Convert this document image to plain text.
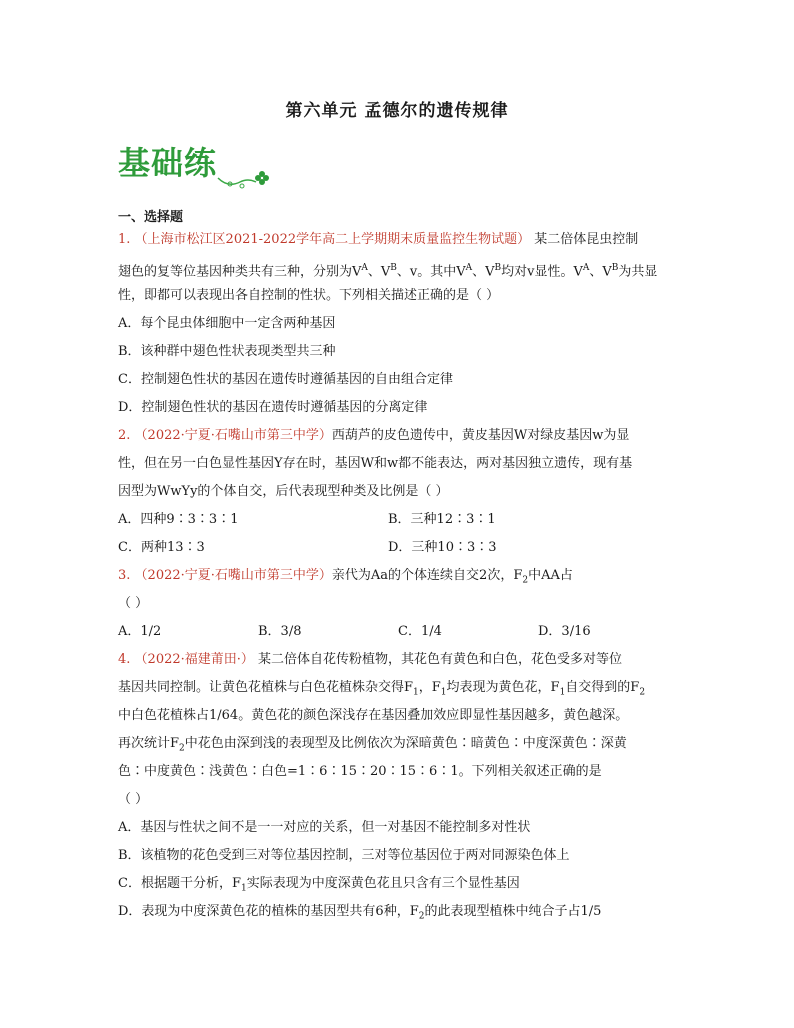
第六单元 孟德尔的遗传规律
基础练
一、选择题
1. （上海市松江区2021-2022学年高二上学期期末质量监控生物试题） 某二倍体昆虫控制
翅色的复等位基因种类共有三种，分别为$V^A$、$V^B$、v。其中$V^A$、$V^B$均对v显性。$V^A$、$V^B$为共显
性，即都可以表现出各自控制的性状。下列相关描述正确的是（ ）
A．每个昆虫体细胞中一定含两种基因
B．该种群中翅色性状表现类型共三种
C．控制翅色性状的基因在遗传时遵循基因的自由组合定律
D．控制翅色性状的基因在遗传时遵循基因的分离定律
2. （2022·宁夏·石嘴山市第三中学）西葫芦的皮色遗传中，黄皮基因W对绿皮基因w为显
性，但在另一白色显性基因Y存在时，基因W和w都不能表达，两对基因独立遗传，现有基
因型为WwYy的个体自交，后代表现型种类及比例是（ ）
A．四种9∶3∶3∶1	B．三种12∶3∶1
C．两种13∶3	D．三种10∶3∶3
3. （2022·宁夏·石嘴山市第三中学）亲代为Aa的个体连续自交2次，$F_2$中AA占
（ ）
A．1/2	B．3/8	C．1/4	D．3/16
4. （2022·福建莆田·） 某二倍体自花传粉植物，其花色有黄色和白色，花色受多对等位
基因共同控制。让黄色花植株与白色花植株杂交得$F_1$，$F_1$均表现为黄色花，$F_1$自交得到的$F_2$
中白色花植株占1/64。黄色花的颜色深浅存在基因叠加效应即显性基因越多，黄色越深。
再次统计$F_2$中花色由深到浅的表现型及比例依次为深暗黄色∶暗黄色∶中度深黄色∶深黄
色∶中度黄色∶浅黄色∶白色=1∶6∶15∶20∶15∶6∶1。下列相关叙述正确的是
（ ）
A．基因与性状之间不是一一对应的关系，但一对基因不能控制多对性状
B．该植物的花色受到三对等位基因控制，三对等位基因位于两对同源染色体上
C．根据题干分析，$F_1$实际表现为中度深黄色花且只含有三个显性基因
D．表现为中度深黄色花的植株的基因型共有6种，$F_2$的此表现型植株中纯合子占1/5
